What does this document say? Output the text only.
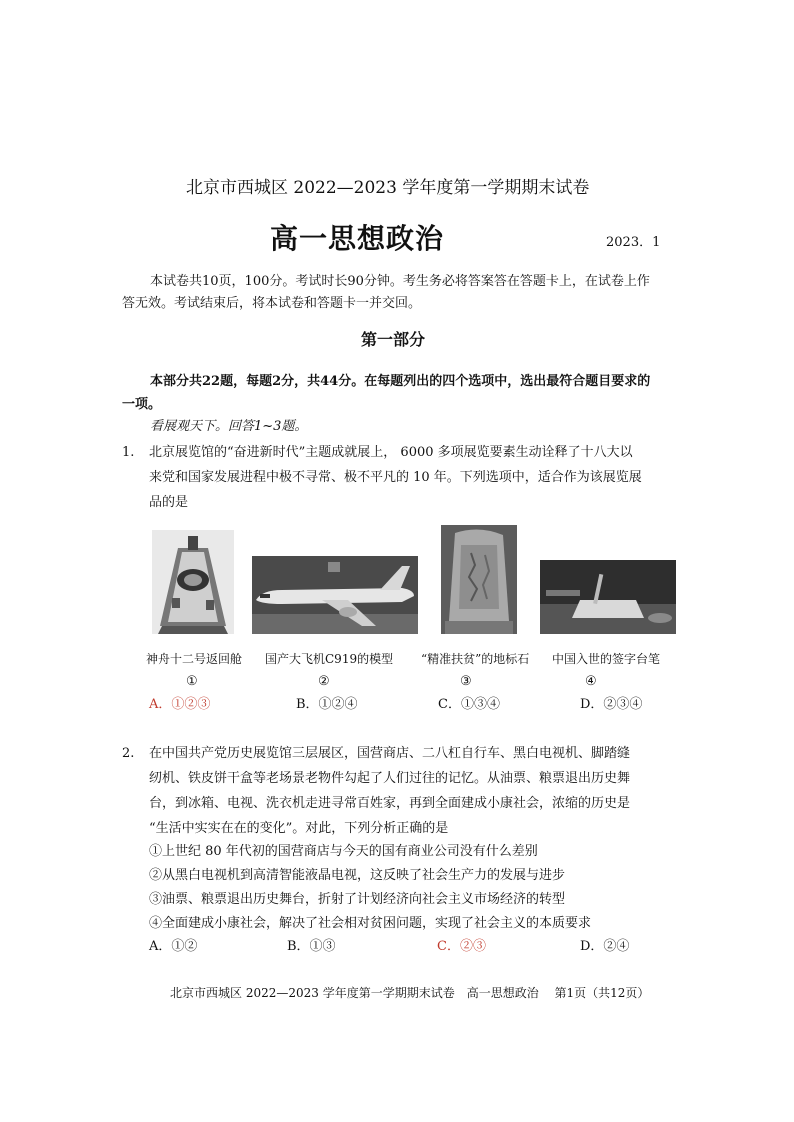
北京市西城区 2022—2023 学年度第一学期期末试卷
高一思想政治	2023．1
本试卷共10页，100分。考试时长90分钟。考生务必将答案答在答题卡上，在试卷上作
答无效。考试结束后，将本试卷和答题卡一并交回。
第一部分
本部分共22题，每题2分，共44分。在每题列出的四个选项中，选出最符合题目要求的
一项。
看展观天下。回答1~3题。
1. 北京展览馆的“奋进新时代”主题成就展上， 6000 多项展览要素生动诠释了十八大以
来党和国家发展进程中极不寻常、极不平凡的 10 年。下列选项中，适合作为该展览展
品的是
神舟十二号返回舱 国产大飞机C919的模型 “精准扶贫”的地标石 中国入世的签字台笔
①	②	③	④
A．①②③	B．①②④	C．①③④	D．②③④
2. 在中国共产党历史展览馆三层展区，国营商店、二八杠自行车、黑白电视机、脚踏缝
纫机、铁皮饼干盒等老场景老物件勾起了人们过往的记忆。从油票、粮票退出历史舞
台，到冰箱、电视、洗衣机走进寻常百姓家，再到全面建成小康社会，浓缩的历史是
“生活中实实在在的变化”。对此，下列分析正确的是
①上世纪 80 年代初的国营商店与今天的国有商业公司没有什么差别
②从黑白电视机到高清智能液晶电视，这反映了社会生产力的发展与进步
③油票、粮票退出历史舞台，折射了计划经济向社会主义市场经济的转型
④全面建成小康社会，解决了社会相对贫困问题，实现了社会主义的本质要求
A．①②	B．①③	C．②③	D．②④
北京市西城区 2022—2023 学年度第一学期期末试卷　高一思想政治　 第1页（共12页）
